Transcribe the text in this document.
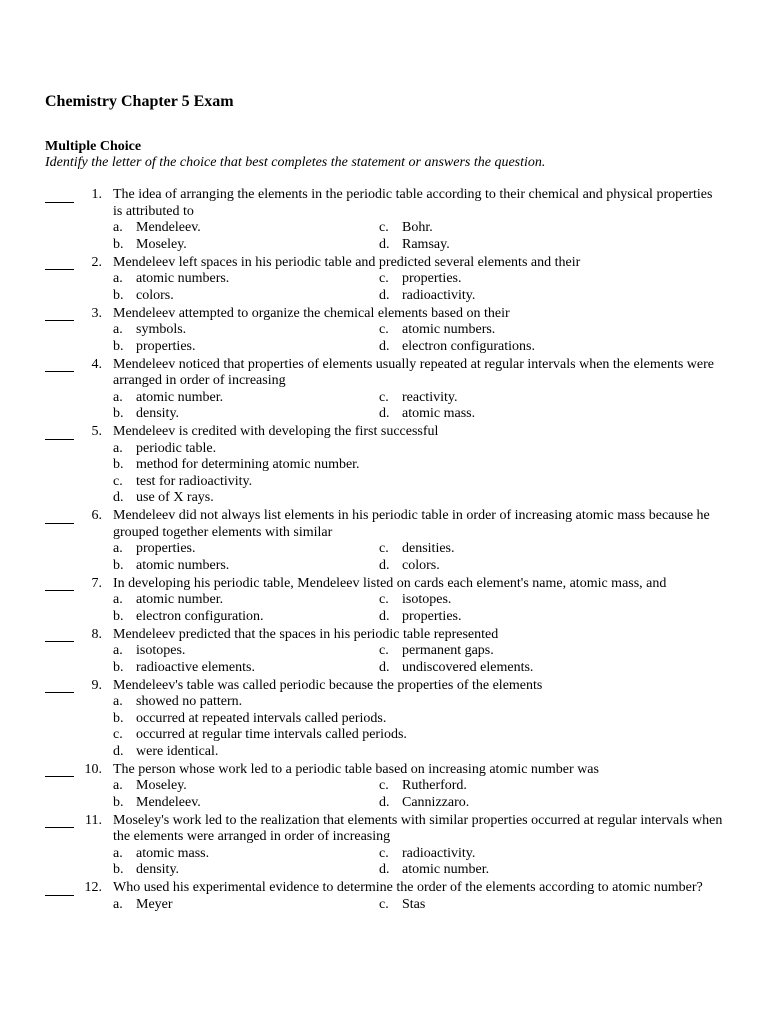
Chemistry Chapter 5 Exam
Multiple Choice
Identify the letter of the choice that best completes the statement or answers the question.
1. The idea of arranging the elements in the periodic table according to their chemical and physical properties is attributed to
a. Mendeleev.	c. Bohr.
b. Moseley.	d. Ramsay.
2. Mendeleev left spaces in his periodic table and predicted several elements and their
a. atomic numbers.	c. properties.
b. colors.	d. radioactivity.
3. Mendeleev attempted to organize the chemical elements based on their
a. symbols.	c. atomic numbers.
b. properties.	d. electron configurations.
4. Mendeleev noticed that properties of elements usually repeated at regular intervals when the elements were arranged in order of increasing
a. atomic number.	c. reactivity.
b. density.	d. atomic mass.
5. Mendeleev is credited with developing the first successful
a. periodic table.
b. method for determining atomic number.
c. test for radioactivity.
d. use of X rays.
6. Mendeleev did not always list elements in his periodic table in order of increasing atomic mass because he grouped together elements with similar
a. properties.	c. densities.
b. atomic numbers.	d. colors.
7. In developing his periodic table, Mendeleev listed on cards each element's name, atomic mass, and
a. atomic number.	c. isotopes.
b. electron configuration.	d. properties.
8. Mendeleev predicted that the spaces in his periodic table represented
a. isotopes.	c. permanent gaps.
b. radioactive elements.	d. undiscovered elements.
9. Mendeleev's table was called periodic because the properties of the elements
a. showed no pattern.
b. occurred at repeated intervals called periods.
c. occurred at regular time intervals called periods.
d. were identical.
10. The person whose work led to a periodic table based on increasing atomic number was
a. Moseley.	c. Rutherford.
b. Mendeleev.	d. Cannizzaro.
11. Moseley's work led to the realization that elements with similar properties occurred at regular intervals when the elements were arranged in order of increasing
a. atomic mass.	c. radioactivity.
b. density.	d. atomic number.
12. Who used his experimental evidence to determine the order of the elements according to atomic number?
a. Meyer	c. Stas
